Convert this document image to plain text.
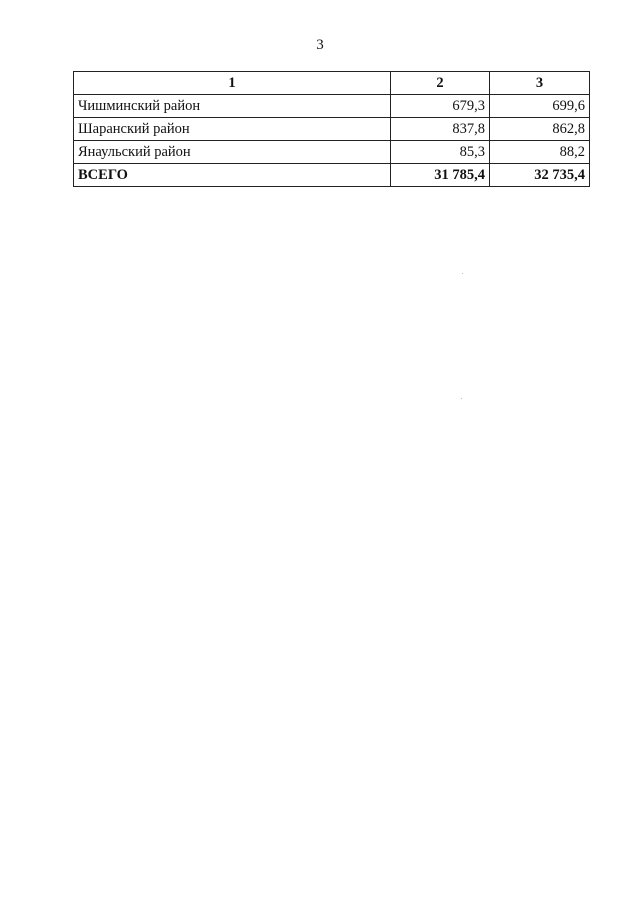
3
1	2	3
Чишминский район	679,3	699,6
Шаранский район	837,8	862,8
Янаульский район	85,3	88,2
ВСЕГО	31 785,4	32 735,4
